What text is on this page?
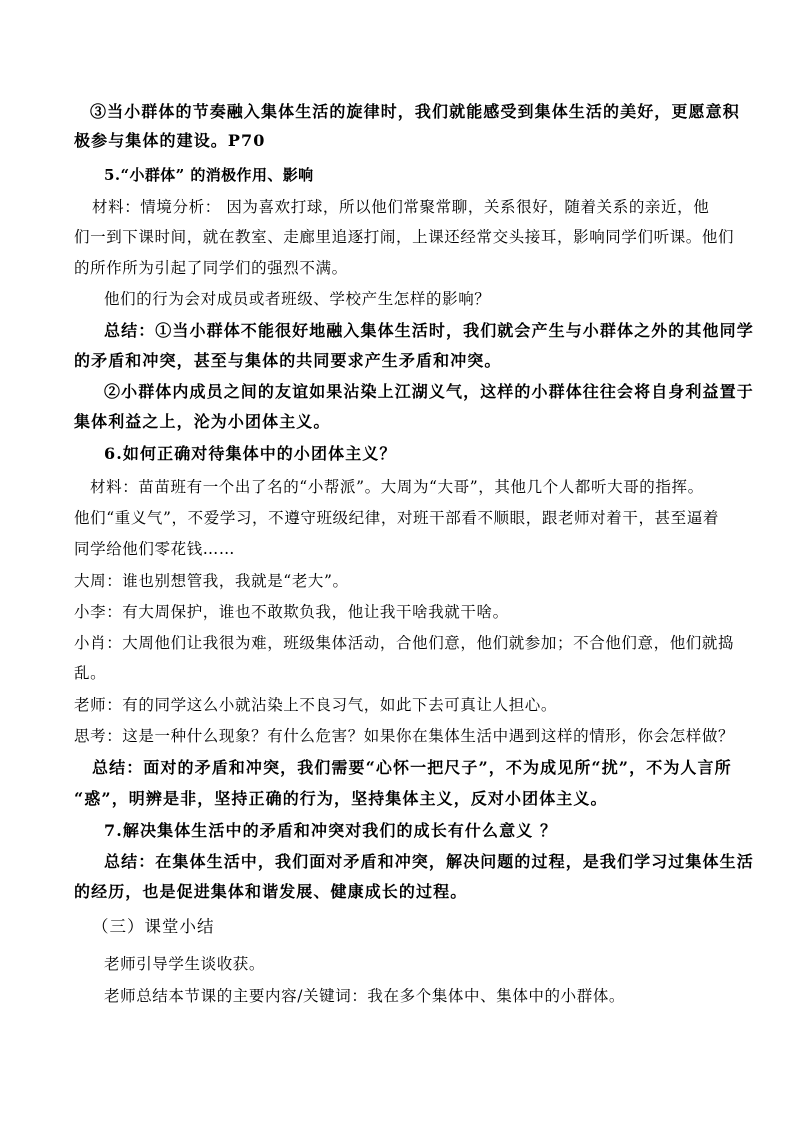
③当小群体的节奏融入集体生活的旋律时，我们就能感受到集体生活的美好，更愿意积
极参与集体的建设。P70
5.“小群体” 的消极作用、影响
材料：情境分析： 因为喜欢打球，所以他们常聚常聊，关系很好，随着关系的亲近，他
们一到下课时间，就在教室、走廊里追逐打闹，上课还经常交头接耳，影响同学们听课。他们
的所作所为引起了同学们的强烈不满。
他们的行为会对成员或者班级、学校产生怎样的影响？
总结：①当小群体不能很好地融入集体生活时，我们就会产生与小群体之外的其他同学
的矛盾和冲突，甚至与集体的共同要求产生矛盾和冲突。
②小群体内成员之间的友谊如果沾染上江湖义气，这样的小群体往往会将自身利益置于
集体利益之上，沦为小团体主义。
6.如何正确对待集体中的小团体主义？
材料：苗苗班有一个出了名的“小帮派”。大周为“大哥”，其他几个人都听大哥的指挥。
他们“重义气”，不爱学习，不遵守班级纪律，对班干部看不顺眼，跟老师对着干，甚至逼着
同学给他们零花钱……
大周：谁也别想管我，我就是“老大”。
小李：有大周保护，谁也不敢欺负我，他让我干啥我就干啥。
小肖：大周他们让我很为难，班级集体活动，合他们意，他们就参加；不合他们意，他们就捣
乱。
老师：有的同学这么小就沾染上不良习气，如此下去可真让人担心。
思考：这是一种什么现象？有什么危害？如果你在集体生活中遇到这样的情形，你会怎样做？
总结：面对的矛盾和冲突，我们需要“心怀一把尺子”，不为成见所“扰”，不为人言所
“惑”，明辨是非，坚持正确的行为，坚持集体主义，反对小团体主义。
7.解决集体生活中的矛盾和冲突对我们的成长有什么意义 ？
总结：在集体生活中，我们面对矛盾和冲突，解决问题的过程，是我们学习过集体生活
的经历，也是促进集体和谐发展、健康成长的过程。
（三）课堂小结
老师引导学生谈收获。
老师总结本节课的主要内容/关键词：我在多个集体中、集体中的小群体。
